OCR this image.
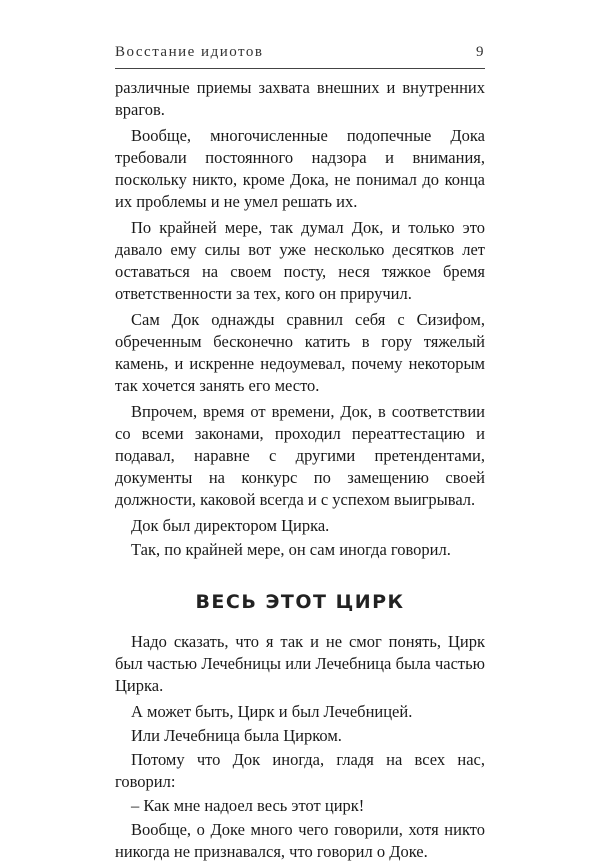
Восстание идиотов	9

различные приемы захвата внешних и внутренних врагов.

Вообще, многочисленные подопечные Дока требовали постоянного надзора и внимания, поскольку никто, кроме Дока, не понимал до конца их проблемы и не умел решать их.

По крайней мере, так думал Док, и только это давало ему силы вот уже несколько десятков лет оставаться на своем посту, неся тяжкое бремя ответственности за тех, кого он приручил.

Сам Док однажды сравнил себя с Сизифом, обреченным бесконечно катить в гору тяжелый камень, и искренне недоумевал, почему некоторым так хочется занять его место.

Впрочем, время от времени, Док, в соответствии со всеми законами, проходил переаттестацию и подавал, наравне с другими претендентами, документы на конкурс по замещению своей должности, каковой всегда и с успехом выигрывал.

Док был директором Цирка.

Так, по крайней мере, он сам иногда говорил.

ВЕСЬ ЭТОТ ЦИРК

Надо сказать, что я так и не смог понять, Цирк был частью Лечебницы или Лечебница была частью Цирка.

А может быть, Цирк и был Лечебницей.

Или Лечебница была Цирком.

Потому что Док иногда, гладя на всех нас, говорил:

– Как мне надоел весь этот цирк!

Вообще, о Доке много чего говорили, хотя никто никогда не признавался, что говорил о Доке.
